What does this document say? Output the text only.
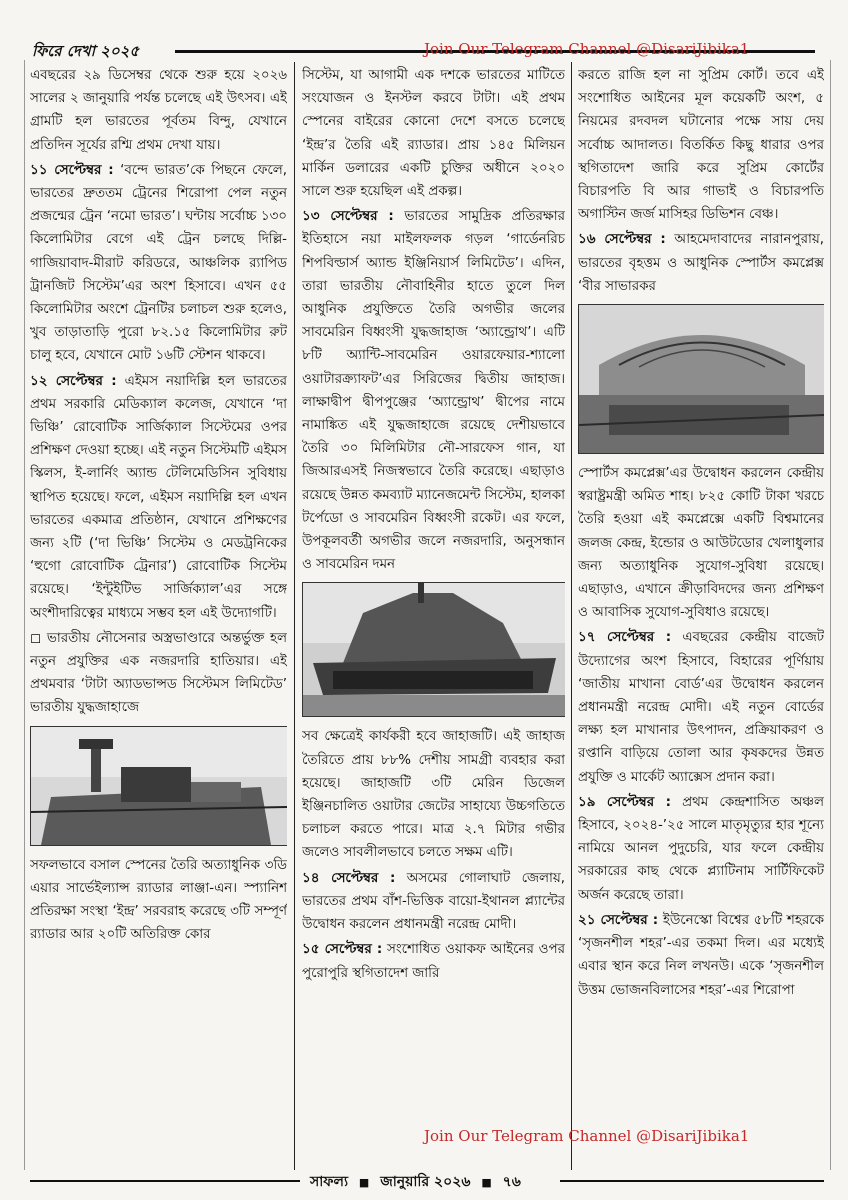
ফিরে দেখা ২০২৫	Join Our Telegram Channel @DisariJibika1

এবছরের ২৯ ডিসেম্বর থেকে শুরু হয়ে ২০২৬ সালের ২ জানুয়ারি পর্যন্ত চলেছে এই উৎসব। এই গ্রামটি হল ভারতের পূর্বতম বিন্দু, যেখানে প্রতিদিন সূর্যের রশ্মি প্রথম দেখা যায়।

১১ সেপ্টেম্বর : ‘বন্দে ভারত’কে পিছনে ফেলে, ভারতের দ্রুততম ট্রেনের শিরোপা পেল নতুন প্রজন্মের ট্রেন ‘নমো ভারত’। ঘন্টায় সর্বোচ্চ ১৩০ কিলোমিটার বেগে এই ট্রেন চলছে দিল্লি-গাজিয়াবাদ-মীরাট করিডরে, আঞ্চলিক র‍্যাপিড ট্রানজিট সিস্টেম’এর অংশ হিসাবে। এখন ৫৫ কিলোমিটার অংশে ট্রেনটির চলাচল শুরু হলেও, খুব তাড়াতাড়ি পুরো ৮২.১৫ কিলোমিটার রুট চালু হবে, যেখানে মোট ১৬টি স্টেশন থাকবে।

১২ সেপ্টেম্বর : এইমস নয়াদিল্লি হল ভারতের প্রথম সরকারি মেডিক্যাল কলেজ, যেখানে ‘দা ভিঞ্চি’ রোবোটিক সার্জিক্যাল সিস্টেমের ওপর প্রশিক্ষণ দেওয়া হচ্ছে। এই নতুন সিস্টেমটি এইমস স্কিলস, ই-লার্নিং অ্যান্ড টেলিমেডিসিন সুবিধায় স্থাপিত হয়েছে। ফলে, এইমস নয়াদিল্লি হল এখন ভারতের একমাত্র প্রতিষ্ঠান, যেখানে প্রশিক্ষণের জন্য ২টি (‘দা ভিঞ্চি’ সিস্টেম ও মেডট্রনিকের ‘হুগো রোবোটিক ট্রেনার’) রোবোটিক সিস্টেম রয়েছে। ‘ইন্টুইটিভ সার্জিক্যাল’এর সঙ্গে অংশীদারিত্বের মাধ্যমে সম্ভব হল এই উদ্যোগটি।

◻ ভারতীয় নৌসেনার অস্ত্রভাণ্ডারে অন্তর্ভুক্ত হল নতুন প্রযুক্তির এক নজরদারি হাতিয়ার। এই প্রথমবার ‘টাটা অ্যাডভান্সড সিস্টেমস লিমিটেড’ ভারতীয় যুদ্ধজাহাজে

সফলভাবে বসাল স্পেনের তৈরি অত্যাধুনিক ৩ডি এয়ার সার্ভেইল্যান্স র‍্যাডার লাঞ্জা-এন। স্প্যানিশ প্রতিরক্ষা সংস্থা ‘ইন্দ্র’ সরবরাহ করেছে ৩টি সম্পূর্ণ র‍্যাডার আর ২০টি অতিরিক্ত কোর

সিস্টেম, যা আগামী এক দশকে ভারতের মাটিতে সংযোজন ও ইনস্টল করবে টাটা। এই প্রথম স্পেনের বাইরের কোনো দেশে বসতে চলেছে ‘ইন্দ্র’র তৈরি এই র‍্যাডার। প্রায় ১৪৫ মিলিয়ন মার্কিন ডলারের একটি চুক্তির অধীনে ২০২০ সালে শুরু হয়েছিল এই প্রকল্প।

১৩ সেপ্টেম্বর : ভারতের সামুদ্রিক প্রতিরক্ষার ইতিহাসে নয়া মাইলফলক গড়ল ‘গার্ডেনরিচ শিপবিল্ডার্স অ্যান্ড ইঞ্জিনিয়ার্স লিমিটেড’। এদিন, তারা ভারতীয় নৌবাহিনীর হাতে তুলে দিল আধুনিক প্রযুক্তিতে তৈরি অগভীর জলের সাবমেরিন বিধ্বংসী যুদ্ধজাহাজ ‘অ্যান্ড্রোথ’। এটি ৮টি অ্যান্টি-সাবমেরিন ওয়ারফেয়ার-শ্যালো ওয়াটারক্র্যাফট’এর সিরিজের দ্বিতীয় জাহাজ। লাক্ষাদ্বীপ দ্বীপপুঞ্জের ‘অ্যান্ড্রোথ’ দ্বীপের নামে নামাঙ্কিত এই যুদ্ধজাহাজে রয়েছে দেশীয়ভাবে তৈরি ৩০ মিলিমিটার নৌ-সারফেস গান, যা জিআরএসই নিজস্বভাবে তৈরি করেছে। এছাড়াও রয়েছে উন্নত কমব্যাট ম্যানেজমেন্ট সিস্টেম, হালকা টর্পেডো ও সাবমেরিন বিধ্বংসী রকেট। এর ফলে, উপকূলবর্তী অগভীর জলে নজরদারি, অনুসন্ধান ও সাবমেরিন দমন

সব ক্ষেত্রেই কার্যকরী হবে জাহাজটি। এই জাহাজ তৈরিতে প্রায় ৮৮% দেশীয় সামগ্রী ব্যবহার করা হয়েছে। জাহাজটি ৩টি মেরিন ডিজেল ইঞ্জিনচালিত ওয়াটার জেটের সাহায্যে উচ্চগতিতে চলাচল করতে পারে। মাত্র ২.৭ মিটার গভীর জলেও সাবলীলভাবে চলতে সক্ষম এটি।

১৪ সেপ্টেম্বর : অসমের গোলাঘাট জেলায়, ভারতের প্রথম বাঁশ-ভিত্তিক বায়ো-ইথানল প্ল্যান্টের উদ্বোধন করলেন প্রধানমন্ত্রী নরেন্দ্র মোদী।

১৫ সেপ্টেম্বর : সংশোধিত ওয়াকফ আইনের ওপর পুরোপুরি স্থগিতাদেশ জারি

করতে রাজি হল না সুপ্রিম কোর্ট। তবে এই সংশোধিত আইনের মূল কয়েকটি অংশ, ৫ নিয়মের রদবদল ঘটানোর পক্ষে সায় দেয় সর্বোচ্চ আদালত। বিতর্কিত কিছু ধারার ওপর স্থগিতাদেশ জারি করে সুপ্রিম কোর্টের বিচারপতি বি আর গাভাই ও বিচারপতি অগাস্টিন জর্জ মাসিহর ডিভিশন বেঞ্চ।

১৬ সেপ্টেম্বর : আহমেদাবাদের নারানপুরায়, ভারতের বৃহত্তম ও আধুনিক স্পোর্টস কমপ্লেক্স ‘বীর সাভারকর

স্পোর্টস কমপ্লেক্স’এর উদ্বোধন করলেন কেন্দ্রীয় স্বরাষ্ট্রমন্ত্রী অমিত শাহ। ৮২৫ কোটি টাকা খরচে তৈরি হওয়া এই কমপ্লেক্সে একটি বিশ্বমানের জলজ কেন্দ্র, ইন্ডোর ও আউটডোর খেলাধুলার জন্য অত্যাধুনিক সুযোগ-সুবিধা রয়েছে। এছাড়াও, এখানে ক্রীড়াবিদদের জন্য প্রশিক্ষণ ও আবাসিক সুযোগ-সুবিধাও রয়েছে।

১৭ সেপ্টেম্বর : এবছরের কেন্দ্রীয় বাজেট উদ্যোগের অংশ হিসাবে, বিহারের পূর্ণিয়ায় ‘জাতীয় মাখানা বোর্ড’এর উদ্বোধন করলেন প্রধানমন্ত্রী নরেন্দ্র মোদী। এই নতুন বোর্ডের লক্ষ্য হল মাখানার উৎপাদন, প্রক্রিয়াকরণ ও রপ্তানি বাড়িয়ে তোলা আর কৃষকদের উন্নত প্রযুক্তি ও মার্কেট অ্যাক্সেস প্রদান করা।

১৯ সেপ্টেম্বর : প্রথম কেন্দ্রশাসিত অঞ্চল হিসাবে, ২০২৪-’২৫ সালে মাতৃমৃত্যুর হার শূন্যে নামিয়ে আনল পুদুচেরি, যার ফলে কেন্দ্রীয় সরকারের কাছ থেকে প্ল্যাটিনাম সার্টিফিকেট অর্জন করেছে তারা।

২১ সেপ্টেম্বর : ইউনেস্কো বিশ্বের ৫৮টি শহরকে ‘সৃজনশীল শহর’-এর তকমা দিল। এর মধ্যেই এবার স্থান করে নিল লখনউ। একে ‘সৃজনশীল উত্তম ভোজনবিলাসের শহর’-এর শিরোপা

Join Our Telegram Channel @DisariJibika1
সাফল্য ■ জানুয়ারি ২০২৬ ■ ৭৬
